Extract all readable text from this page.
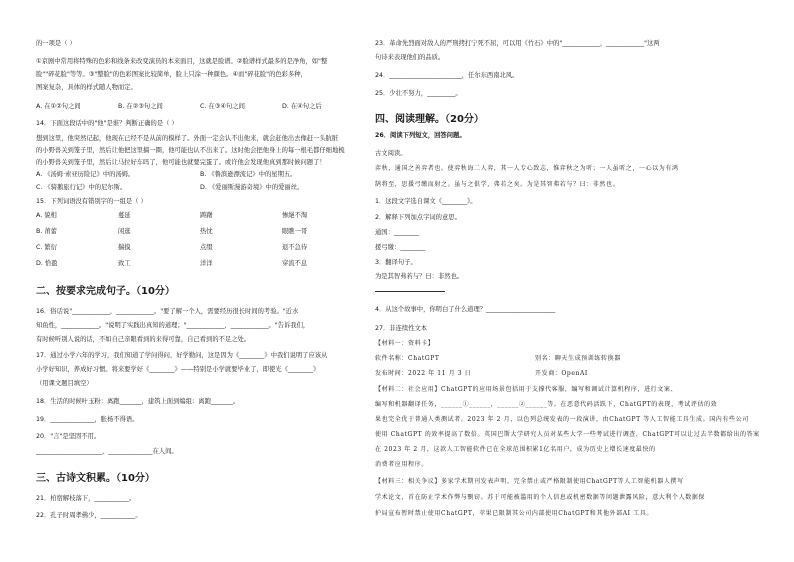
的一项是（ ）
①京剧中常用将特殊的色彩和线条来改变演员的本来面目，这就是脸谱。②脸谱样式最多的是净角，如"整
脸""碎花脸"等等。③"整脸"的色彩图案比较简单，脸上只涂一种颜色。④而"碎花脸"的色彩多种，
图案复杂，具体的样式随人物而定。
A. 在①②句之间	B. 在②③句之间	C. 在③④句之间	D. 在④句之后
14．下面这段话中的"他"是谁？判断正确的是（ ）
想到这里，他突然记起，他现在已经不是从前的模样了。外面一定会认不出他来，就会赶他出去像赶一头肮脏
的小野兽关到笼子里，然后让他把这里搞一圈，他可能也认不出来了。这时他会把他身上的每一根毛都仔细地梳
的小野兽关到笼子里，然后让马拉好车吗了，他可能也就要完蛋了。或许他会发现他真到那时候问题了！
A. 《汤姆·索亚历险记》中的汤姆。	B. 《鲁滨逊漂流记》中的星期五。
C. 《骑鹅旅行记》中的尼尔斯。	D. 《爱丽斯漫游奇境》中的爱丽丝。
15．下列词语没有错别字的一组是（ ）
A. 貌相	蔓延	踌躇	惨絕不淘
B. 莆蕾	闲逛	热忱	眼瞧一哥
C. 繁衍	揣摸	点缀	退不急待
D. 恰盈	致工	洋洋	穿流不息
二、按要求完成句子。（10分）
16．俗话说"____________，____________。"要了解一个人，需要经历很长时间的考验。"近水
知鱼性，____________。"说明了实践出真知的道理；"____________，____________。"告诉我们，
有时候听别人说的话，不如自己亲眼看到的来得可靠，自己看到的不足之处。
17．通过小学六年的学习，我们知道了学问得问，好学勤问，这是因为《________》中我们说明了应该从
小学好知识，养成好习惯。将来要学好《________》——特别是小学就要毕业了，即使光《________》
（用课文题目填空）
18．生活的时候叶玉粉：离跑_______，建筑上面到编组：离跑_______。
19．______________，胀杨不得语。
20．"言"是坚固不用。
_____________________，______________在人间。
三、古诗文积累。（10分）
21．柏宿解枝落下，___________。
22．孔子时周孝佛少，___________。
23．革命先烈面对敌人的严刑拷打宁死不屈，可以用《竹石》中的"____________，____________"这两
句诗来表现他们的品质。
24．_______________________，任尔东西南北风。
25．少壮不努力，_________。
四、阅读理解。（20分）
26．阅读下列短文，回答问题。
古文阅读。
弈秋，通国之善弈者也。使弈秋诲二人弈，其一人专心致志，惟弈秋之为听；一人虽听之，一心以为有鸿
鹄将至，思援弓缴而射之。虽与之俱学，弗若之矣。为是其智弗若与？曰：非然也。
1．这段文字选自课文《________》。
2．解释下列加点字词的意思。
通国：________
援弓缴：________
3．翻译句子。
为是其智弗若与？曰：非然也。
4．从这个故事中，你明白了什么道理？______________________
27．非连续性文本
【材料一：资料卡】
软件名称：ChatGPT	别名：聊天生成预训练转换器
发布时间：2022 年 11 月 3 日	开发商：OpenAI
【材料二：社会应用】ChatGPT的应用场景包括用于支撑代客服，编写和调试计算机程序，进行文案、
编写和机器翻译任务，______①______，______②______等。在恶意代码活跃下，ChatGPT的表现，考试评估的效
果也完全优于普通人类测试者。2023 年 2 月，以色列总统发表的一段演讲，由ChatGPT 等人工智能工具生成。国内有些公司
使用 ChatGPT 的效率提高了数倍。英国巴斯大学研究人员对某些大学一些考试进行调查，ChatGPT可以让过去半数都给出的答案
在 2023 年 2 月，这款人工智能软件已在全球范围积累1亿名用户，成为历史上增长速度最快的
消费者应用程序。
【材料三：相关争议】多家学术期刊发表声明，完全禁止或严格限制使用ChatGPT等人工智能机器人撰写
学术论文，首在防止学术作弊与剽窃。苏于可能被滥用的个人信息或机密数据等问题泄露风险，意大利个人数据保
护局宣布暂时禁止使用ChatGPT，苹果已限制其公司内部使用ChatGPT和其他外部AI 工具。
